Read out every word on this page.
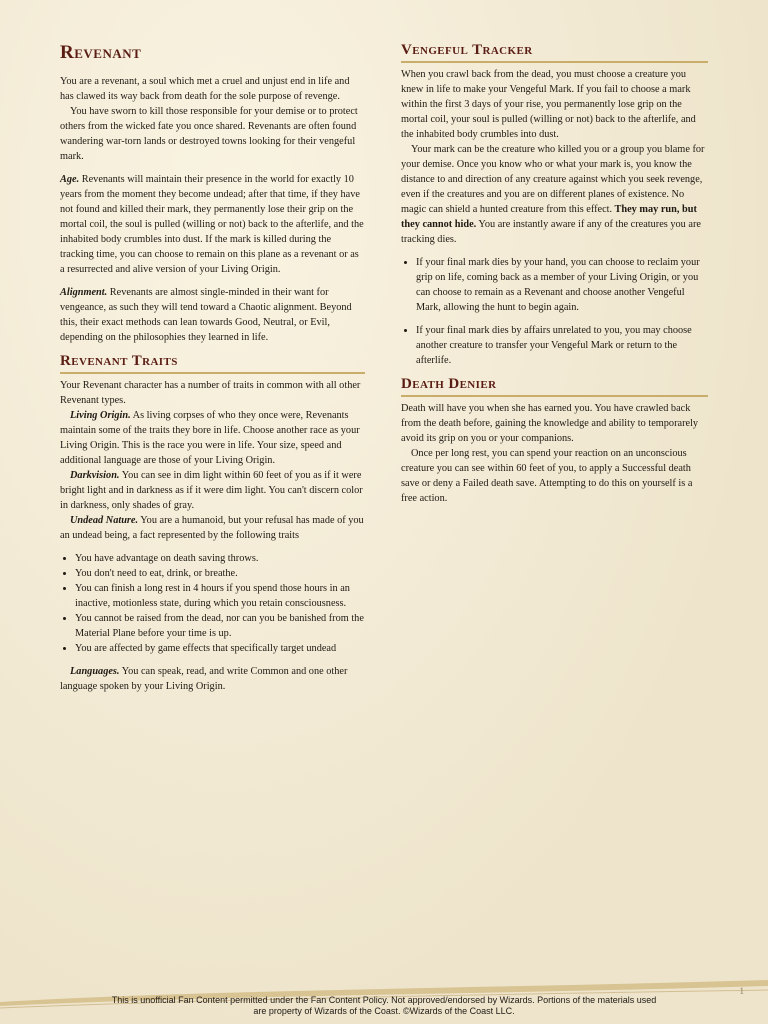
Revenant

You are a revenant, a soul which met a cruel and unjust end in life and has clawed its way back from death for the sole purpose of revenge.

You have sworn to kill those responsible for your demise or to protect others from the wicked fate you once shared. Revenants are often found wandering war-torn lands or destroyed towns looking for their vengeful mark.

Age. Revenants will maintain their presence in the world for exactly 10 years from the moment they become undead; after that time, if they have not found and killed their mark, they permanently lose their grip on the mortal coil, the soul is pulled (willing or not) back to the afterlife, and the inhabited body crumbles into dust. If the mark is killed during the tracking time, you can choose to remain on this plane as a revenant or as a resurrected and alive version of your Living Origin.

Alignment. Revenants are almost single-minded in their want for vengeance, as such they will tend toward a Chaotic alignment. Beyond this, their exact methods can lean towards Good, Neutral, or Evil, depending on the philosophies they learned in life.

Revenant Traits

Your Revenant character has a number of traits in common with all other Revenant types.

Living Origin. As living corpses of who they once were, Revenants maintain some of the traits they bore in life. Choose another race as your Living Origin. This is the race you were in life. Your size, speed and additional language are those of your Living Origin.

Darkvision. You can see in dim light within 60 feet of you as if it were bright light and in darkness as if it were dim light. You can't discern color in darkness, only shades of gray.

Undead Nature. You are a humanoid, but your refusal has made of you an undead being, a fact represented by the following traits

• You have advantage on death saving throws.
• You don't need to eat, drink, or breathe.
• You can finish a long rest in 4 hours if you spend those hours in an inactive, motionless state, during which you retain consciousness.
• You cannot be raised from the dead, nor can you be banished from the Material Plane before your time is up.
• You are affected by game effects that specifically target undead

Languages. You can speak, read, and write Common and one other language spoken by your Living Origin.

Vengeful Tracker

When you crawl back from the dead, you must choose a creature you knew in life to make your Vengeful Mark. If you fail to choose a mark within the first 3 days of your rise, you permanently lose grip on the mortal coil, your soul is pulled (willing or not) back to the afterlife, and the inhabited body crumbles into dust.

Your mark can be the creature who killed you or a group you blame for your demise. Once you know who or what your mark is, you know the distance to and direction of any creature against which you seek revenge, even if the creatures and you are on different planes of existence. No magic can shield a hunted creature from this effect. They may run, but they cannot hide. You are instantly aware if any of the creatures you are tracking dies.

• If your final mark dies by your hand, you can choose to reclaim your grip on life, coming back as a member of your Living Origin, or you can choose to remain as a Revenant and choose another Vengeful Mark, allowing the hunt to begin again.
• If your final mark dies by affairs unrelated to you, you may choose another creature to transfer your Vengeful Mark or return to the afterlife.
Death Denier

Death will have you when she has earned you. You have crawled back from the death before, gaining the knowledge and ability to temporarely avoid its grip on you or your companions.

Once per long rest, you can spend your reaction on an unconscious creature you can see within 60 feet of you, to apply a Successful death save or deny a Failed death save. Attempting to do this on yourself is a free action.

1
This is unofficial Fan Content permitted under the Fan Content Policy. Not approved/endorsed by Wizards. Portions of the materials used
are property of Wizards of the Coast. ©Wizards of the Coast LLC.
